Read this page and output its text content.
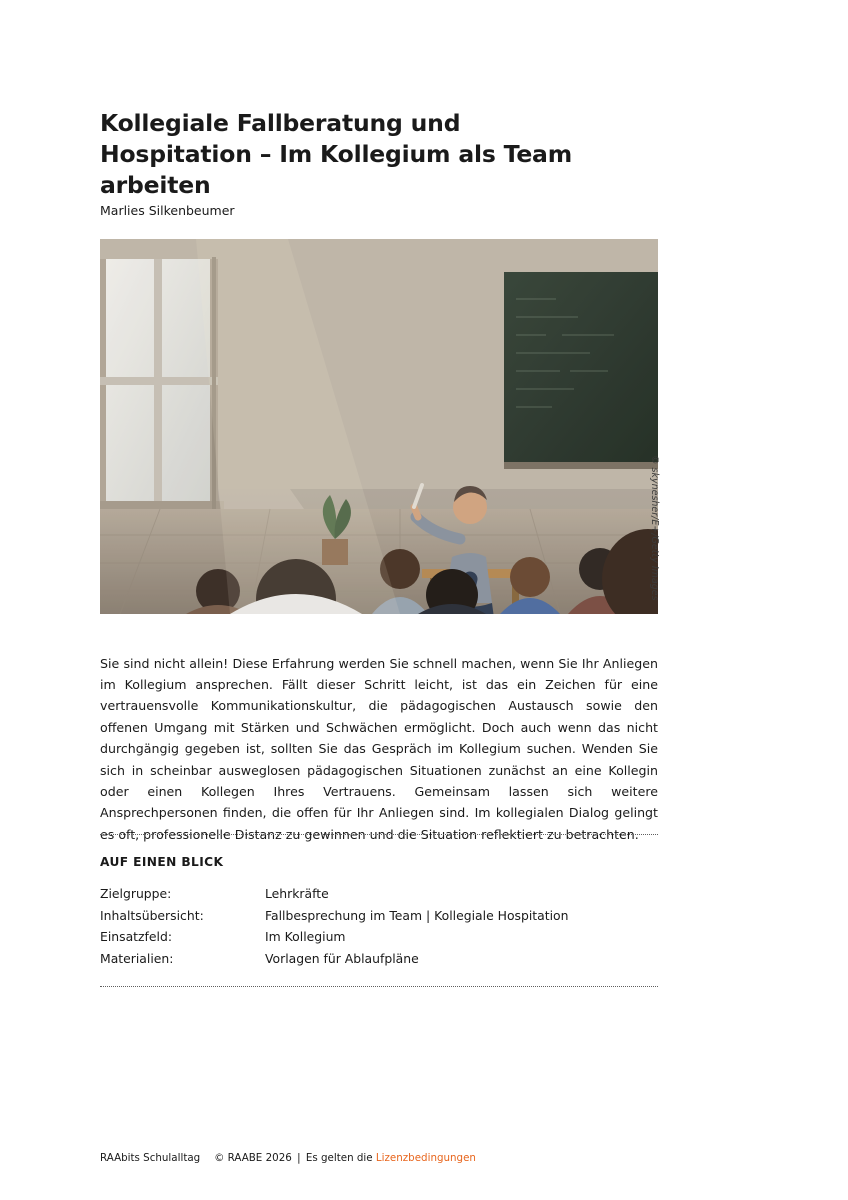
Kollegiale Fallberatung und Hospitation – Im Kollegium als Team arbeiten
Marlies Silkenbeumer
© skynesher/E+/Getty Images

Sie sind nicht allein! Diese Erfahrung werden Sie schnell machen, wenn Sie Ihr Anliegen im Kollegium ansprechen. Fällt dieser Schritt leicht, ist das ein Zeichen für eine vertrauensvolle Kommunikationskultur, die pädagogischen Austausch sowie den offenen Umgang mit Stärken und Schwächen ermöglicht. Doch auch wenn das nicht durchgängig gegeben ist, sollten Sie das Gespräch im Kollegium suchen. Wenden Sie sich in scheinbar ausweglosen pädagogischen Situationen zunächst an eine Kollegin oder einen Kollegen Ihres Vertrauens. Gemeinsam lassen sich weitere Ansprechpersonen finden, die offen für Ihr Anliegen sind. Im kollegialen Dialog gelingt es oft, professionelle Distanz zu gewinnen und die Situation reflektiert zu betrachten.

AUF EINEN BLICK
Zielgruppe:	Lehrkräfte
Inhaltsübersicht:	Fallbesprechung im Team | Kollegiale Hospitation
Einsatzfeld:	Im Kollegium
Materialien:	Vorlagen für Ablaufpläne
RAAbits Schulalltag © RAABE 2026 | Es gelten die Lizenzbedingungen
